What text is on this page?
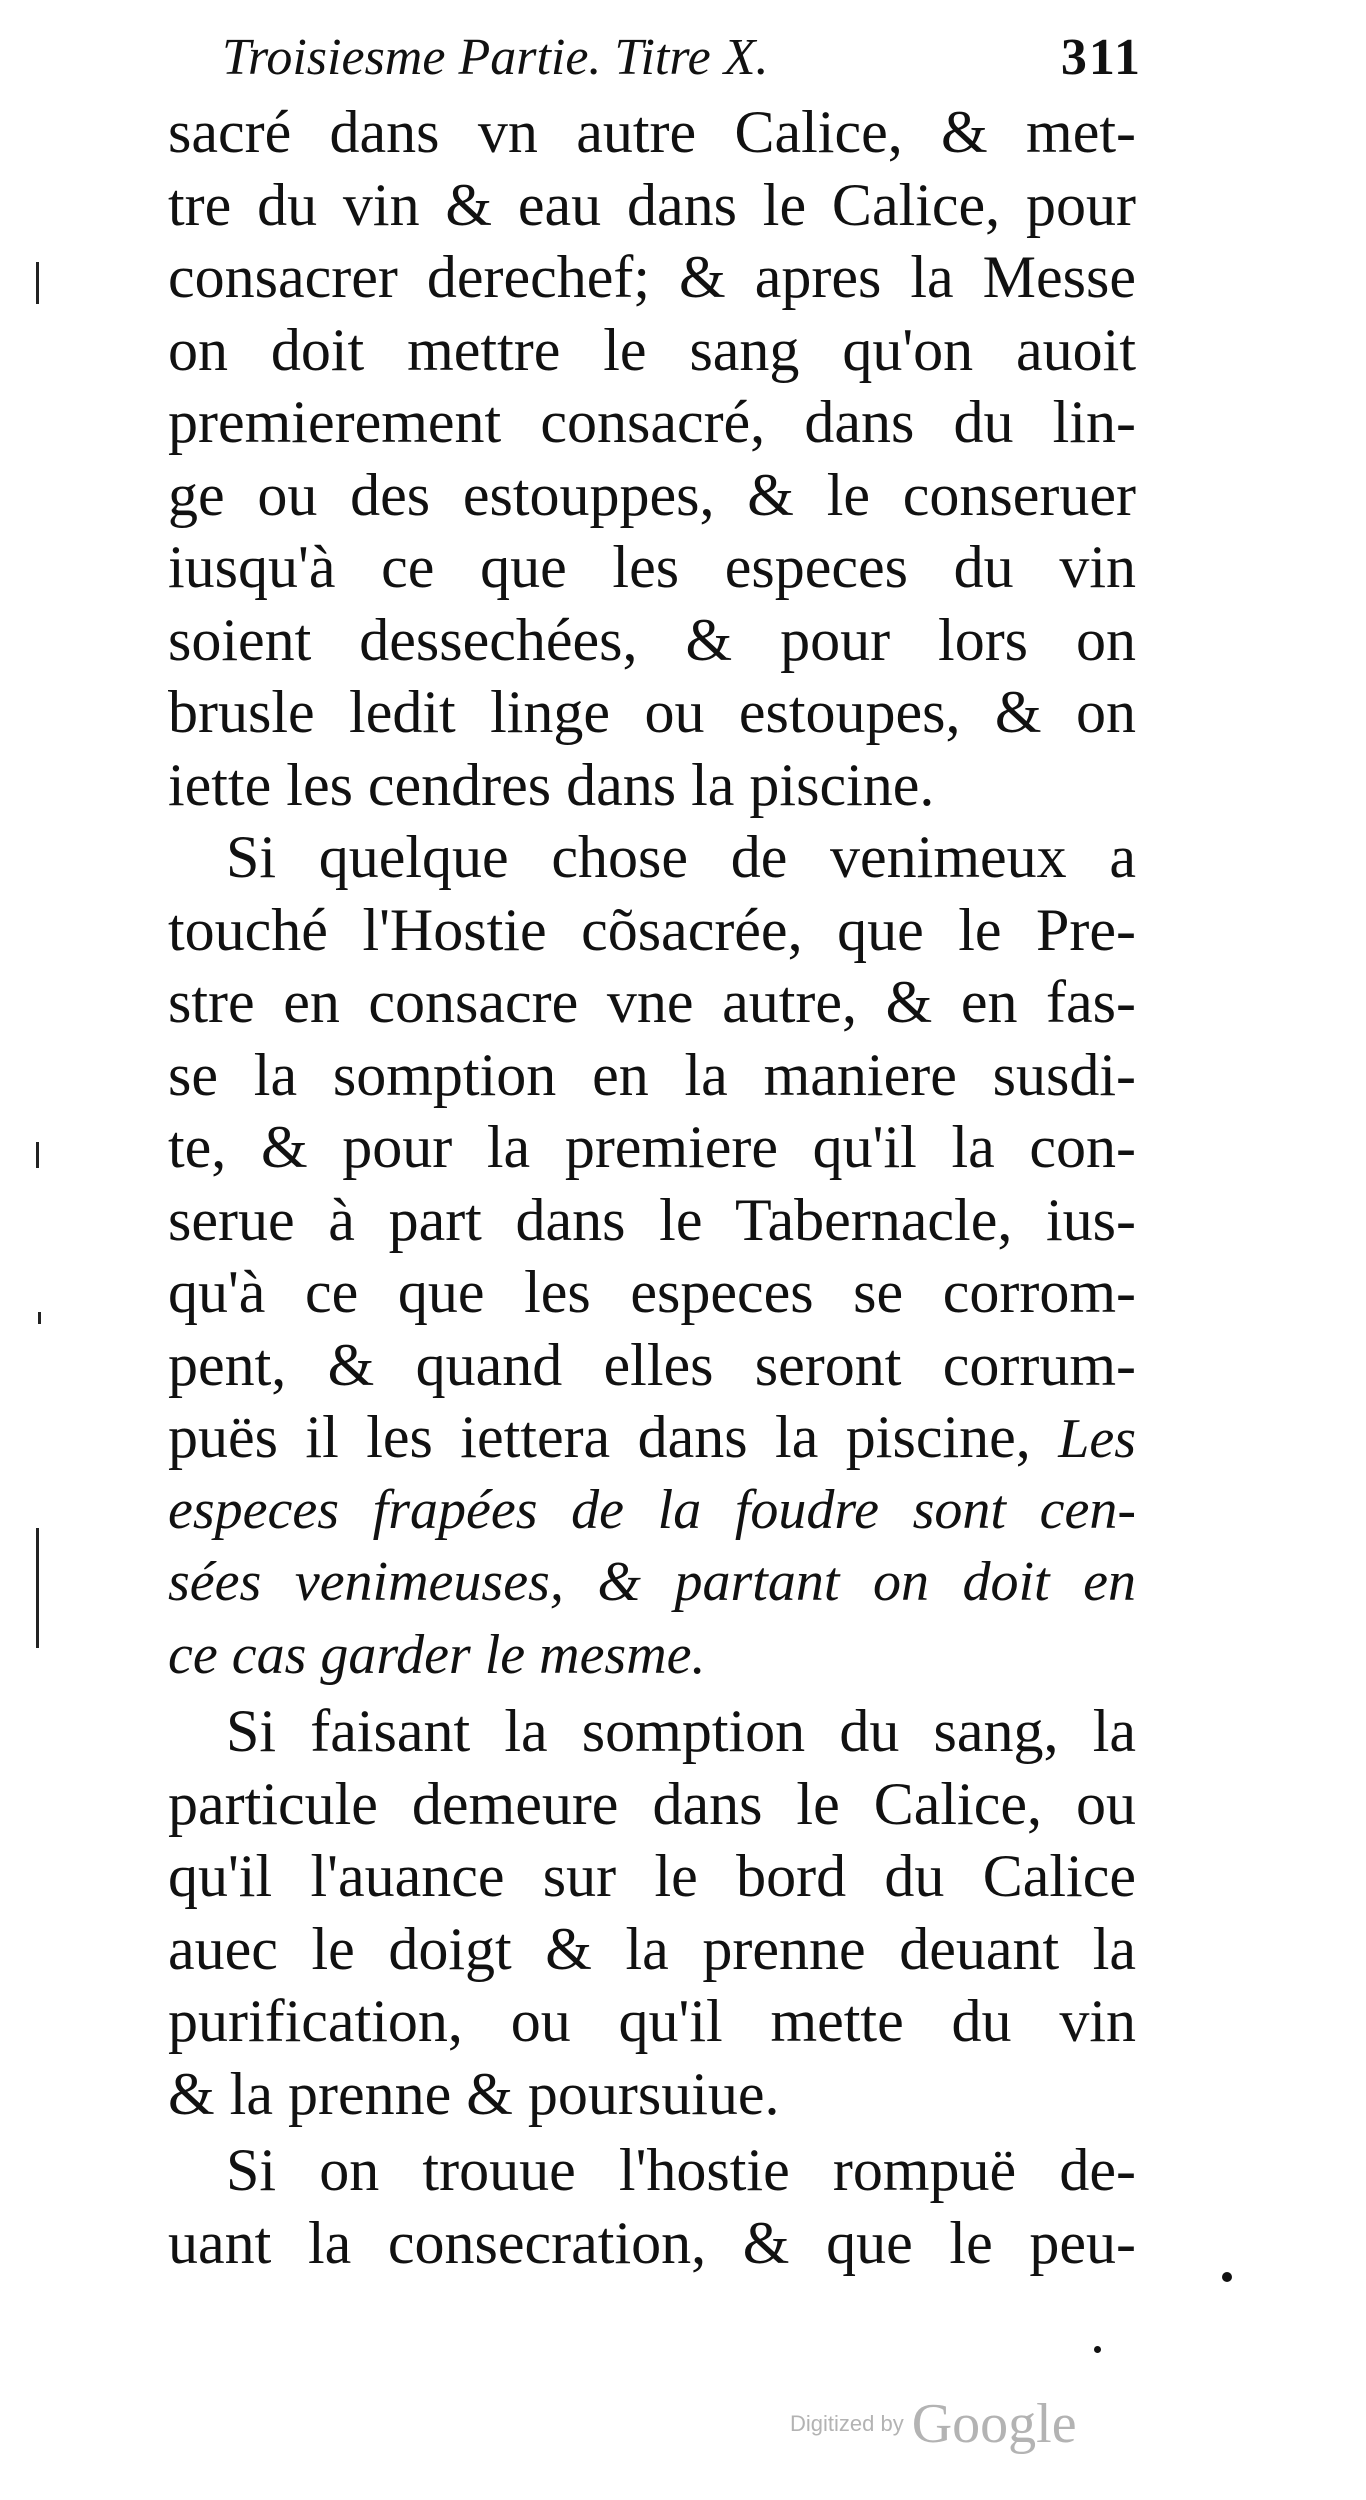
Troisiesme Partie. Titre X.	311

sacré dans vn autre Calice, & met-
tre du vin & eau dans le Calice, pour
consacrer derechef; & apres la Messe
on doit mettre le sang qu'on auoit
premierement consacré, dans du lin-
ge ou des estouppes, & le conseruer
iusqu'à ce que les especes du vin
soient dessechées, & pour lors on
brusle ledit linge ou estoupes, & on
iette les cendres dans la piscine.

Si quelque chose de venimeux a
touché l'Hostie cõsacrée, que le Pre-
stre en consacre vne autre, & en fas-
se la somption en la maniere susdi-
te, & pour la premiere qu'il la con-
serue à part dans le Tabernacle, ius-
qu'à ce que les especes se corrom-
pent, & quand elles seront corrum-
puës il les iettera dans la piscine, Les
especes frapées de la foudre sont cen-
sées venimeuses, & partant on doit en
ce cas garder le mesme.

Si faisant la somption du sang, la
particule demeure dans le Calice, ou
qu'il l'auance sur le bord du Calice
auec le doigt & la prenne deuant la
purification, ou qu'il mette du vin
& la prenne & poursuiue.

Si on trouue l'hostie rompuë de-
uant la consecration, & que le peu-

Digitized by Google
